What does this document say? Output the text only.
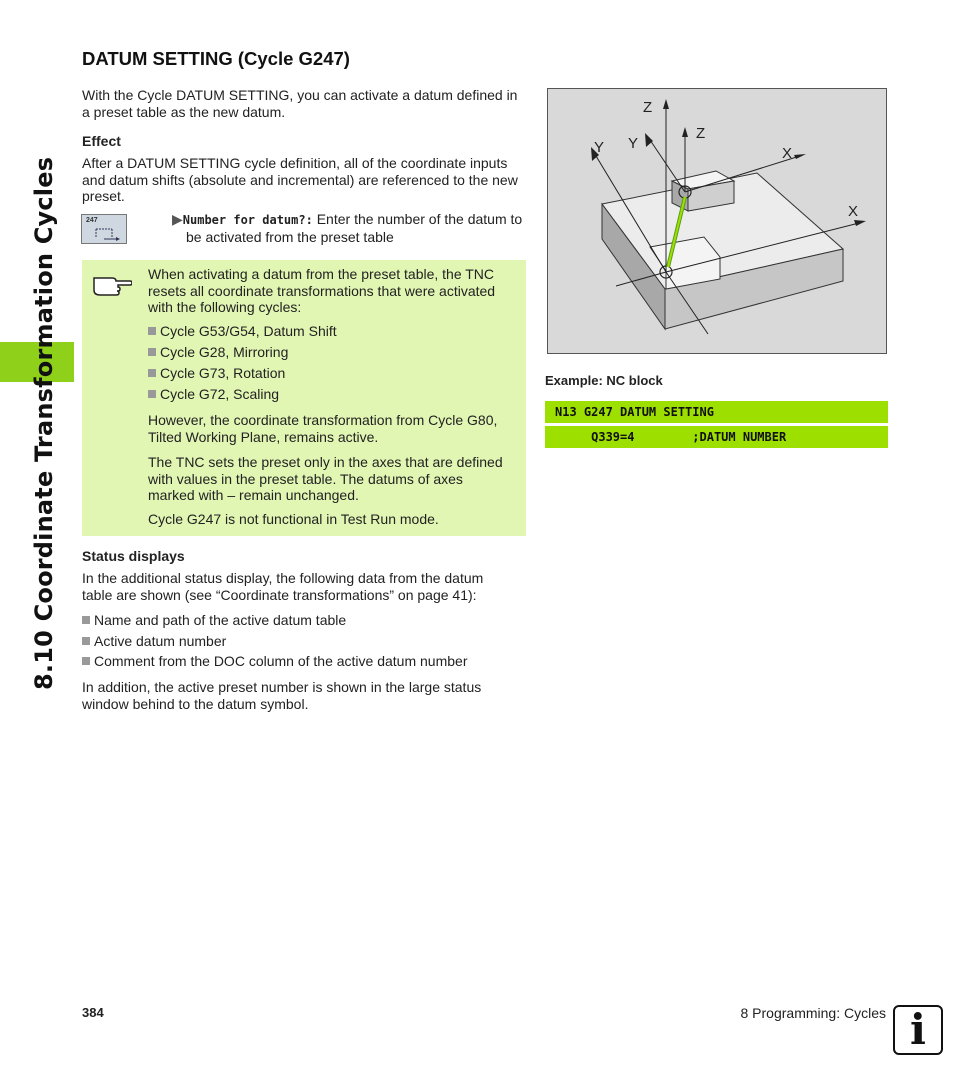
8.10 Coordinate Transformation Cycles
DATUM SETTING (Cycle G247)

With the Cycle DATUM SETTING, you can activate a datum defined in

a preset table as the new datum.

Effect

After a DATUM SETTING cycle definition, all of the coordinate inputs

and datum shifts (absolute and incremental) are referenced to the new

preset.

247	▶Number for datum?: Enter the number of the datum to

be activated from the preset table

When activating a datum from the preset table, the TNC

resets all coordinate transformations that were activated

with the following cycles:

Cycle G53/G54, Datum Shift

Cycle G28, Mirroring

Cycle G73, Rotation

Cycle G72, Scaling

However, the coordinate transformation from Cycle G80,

Tilted Working Plane, remains active.

The TNC sets the preset only in the axes that are defined

with values in the preset table. The datums of axes

marked with – remain unchanged.

Cycle G247 is not functional in Test Run mode.

Status displays

In the additional status display, the following data from the datum

table are shown (see “Coordinate transformations” on page 41):

Name and path of the active datum table

Active datum number

Comment from the DOC column of the active datum number

In addition, the active preset number is shown in the large status

window behind to the datum symbol.

Z
Z
Y Y
X
X
Example: NC block
N13 G247 DATUM SETTING
Q339=4        ;DATUM NUMBER
384	8 Programming: Cycles i
